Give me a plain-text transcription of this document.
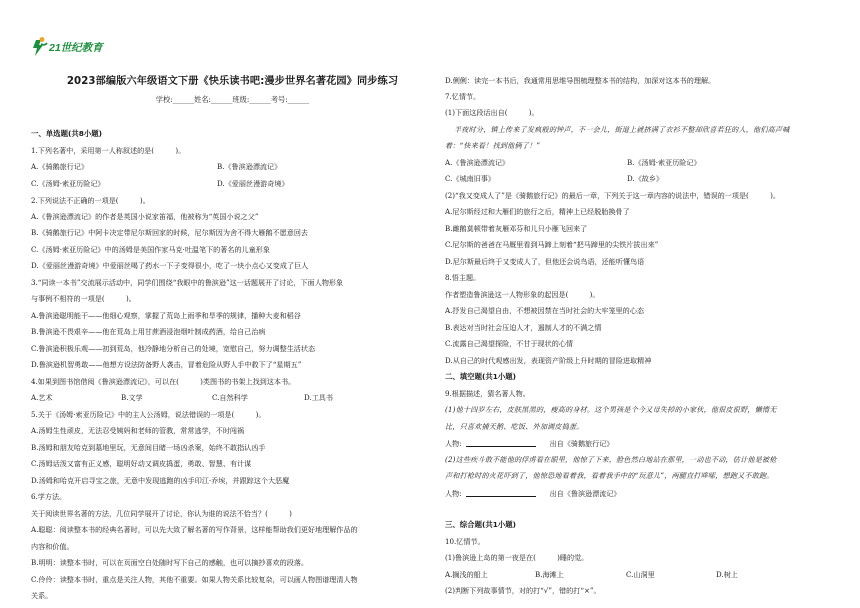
21世纪教育
2023部编版六年级语文下册《快乐读书吧:漫步世界名著花园》同步练习
学校:______姓名:______班级:______考号:______
一、单选题(共8小题)
1.下列名著中，采用第一人称叙述的是(　　　)。
A.《骑鹅旅行记》	B.《鲁滨逊漂流记》
C.《汤姆·索亚历险记》	D.《爱丽丝漫游奇境》
2.下列说法不正确的一项是(　　　)。
A.《鲁滨逊漂流记》的作者是英国小说家笛福，他被称为“英国小说之父”
B.《骑鹅旅行记》中阿卡决定带尼尔斯回家的时候，尼尔斯因为舍不得大雁鹅不愿意回去
C.《汤姆·索亚历险记》中的汤姆是美国作家马克·吐温笔下的著名的儿童形象
D.《爱丽丝漫游奇境》中爱丽丝喝了药水一下子变得很小，吃了一块小点心又变成了巨人
3.“同读一本书”交流展示活动中，同学们围绕“我眼中的鲁滨逊”这一话题展开了讨论，下面人物形象
与事例不相符的一项是(　　　)。
A.鲁滨逊聪明能干——他细心观察，掌握了荒岛上雨季和旱季的规律，播种大麦和稻谷
B.鲁滨逊不畏艰辛——他在荒岛上用甘蔗酒浸泡烟叶制成药酒，给自己治病
C.鲁滨逊积极乐观——初到荒岛，他冷静地分析自己的处境，宽慰自己，努力调整生活状态
D.鲁滨逊机智勇敢——他想方设法防备野人袭击，冒着危险从野人手中救下了“星期五”
4.如果到图书馆借阅《鲁滨逊漂流记》，可以在(　　　)类图书的书架上找到这本书。
A.艺术	B.文学	C.自然科学	D.工具书
5.关于《汤姆·索亚历险记》中的主人公汤姆，说法错误的一项是(　　　)。
A.汤姆生性顽皮，无法忍受姨妈和老师的管教，常常逃学，不时闯祸
B.汤姆和朋友哈克到墓地里玩，无意间目睹一场凶杀案，始终不敢指认凶手
C.汤姆话泼又富有正义感，聪明好动又调皮捣蛋，勇敢、智慧、有计谋
D.汤姆和哈克开启寻宝之旅，无意中发现逃跑的凶手印江·乔埃，并跟踪这个大恶魔
6.学方法。
关于阅读世界名著的方法，几位同学展开了讨论，你认为谁的说法不恰当？(　　　)
A.聪聪：阅读整本书的经典名著时，可以先大致了解名著的写作背景，这样能帮助我们更好地理解作品的
内容和价值。
B.明明：读整本书时，可以在页面空白处随时写下自己的感触，也可以摘抄喜欢的段落。
C.伶伶：读整本书时，重点是关注人物，其他不重要。如果人物关系比较复杂，可以画人物图谱理清人物
关系。
D.俐俐：读完一本书后，我通常用思维导图梳理整本书的结构，加深对这本书的理解。
7.忆情节。
(1)下面这段话出自(　　　)。
半夜时分，镇上传来了发疯般的钟声，不一会儿，街道上就挤满了衣衫不整却欣喜若狂的人，他们高声喊
着：“快来看！找到他俩了！”
A.《鲁滨逊漂流记》	B.《汤姆·索亚历险记》
C.《城南旧事》	D.《故乡》
(2)“我又变成人了”是《骑鹅旅行记》的最后一章，下列关于这一章内容的说法中，错误的一项是(　　　)。
A.尼尔斯经过和大雁们的旅行之后，精神上已经脱胎换骨了
B.雌鹅莫顿带着灰雁邓芬和儿只小雁飞回来了
C.尼尔斯的爸爸在马厩里看到马蹄上刻着“把马蹄里的尖铁片拔出来”
D.尼尔斯最后终于又变成人了，但他还会说鸟语，还能听懂鸟语
8.悟主题。
作者塑造鲁滨逊这一人物形象的起因是(　　　)。
A.抒发自己渴望自由，不想被因禁在当时社会的大牢笼里的心态
B.表达对当时社会压迫人才，遏制人才的不满之情
C.流露自己渴望探险，不甘于现状的心情
D.从自己的时代观感出发，表现资产阶级上升时期的冒险进取精神
二、填空题(共1小题)
9.根据描述，猜名著人物。
(1)他十四岁左右，皮肤黑黑的，瘦高的身材。这个男孩是个今又母失掉的小家伙，他很皮很野，懒惰无
比，只喜欢捕天鹅、吃饭、外加调皮捣蛋。
人物:	出自《骑鹅旅行记》
(2)这些疾斗敢不能他的俘虏看在眼里，他惊了下来，脸色然白地站在那里，一动也不动，估计他是被枪
声和打枪时的火花吓到了，他惊恐地看着我，看着我手中的“玩意儿”，两腿直打哆嗦，想跑又不敢跑。
人物:	出自《鲁滨逊漂流记》
三、综合题(共1小题)
10.忆情节。
(1)鲁滨逊上岛的第一夜是在(　　　)睡的觉。
A.搁浅的船上	B.海滩上	C.山洞里	D.树上
(2)判断下列故事情节，对的打“√”，错的打“×”。
